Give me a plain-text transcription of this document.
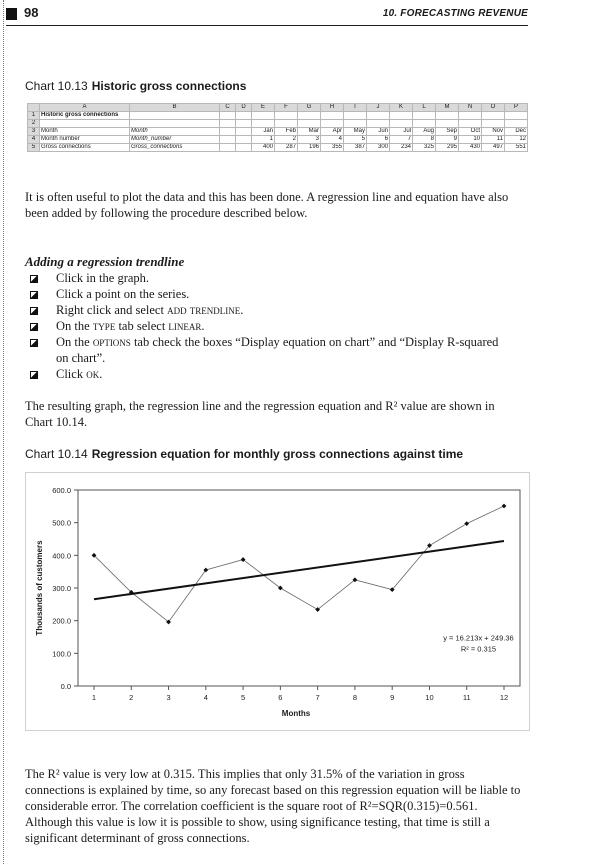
98	10. FORECASTING REVENUE
Chart 10.13 Historic gross connections
	A	B	C	D	E	F	G	H	I	J	K	L	M	N	O	P
1	Historic gross connections															
2																
3	Month	Month			Jan	Feb	Mar	Apr	May	Jun	Jul	Aug	Sep	Oct	Nov	Dec
4	Month number	Month_number			1	2	3	4	5	6	7	8	9	10	11	12
5	Gross connections	Gross_connections			400	287	196	355	387	300	234	325	295	430	497	551
It is often useful to plot the data and this has been done. A regression line and equation have also been added by following the procedure described below.
Adding a regression trendline
Click in the graph.
Click a point on the series.
Right click and select add trendline.
On the type tab select linear.
On the options tab check the boxes “Display equation on chart” and “Display R-squared on chart”.
Click ok.
The resulting graph, the regression line and the regression equation and R² value are shown in Chart 10.14.
Chart 10.14 Regression equation for monthly gross connections against time
0.0
100.0
200.0
300.0
400.0
500.0
600.0
1	2	3	4	5	6	7	8	9	10	11	12
Months
Thousands of customers
y = 16.213x + 249.36
R² = 0.315
The R² value is very low at 0.315. This implies that only 31.5% of the variation in gross connections is explained by time, so any forecast based on this regression equation will be liable to considerable error. The correlation coefficient is the square root of R²=SQR(0.315)=0.561. Although this value is low it is possible to show, using significance testing, that time is still a significant determinant of gross connections.
